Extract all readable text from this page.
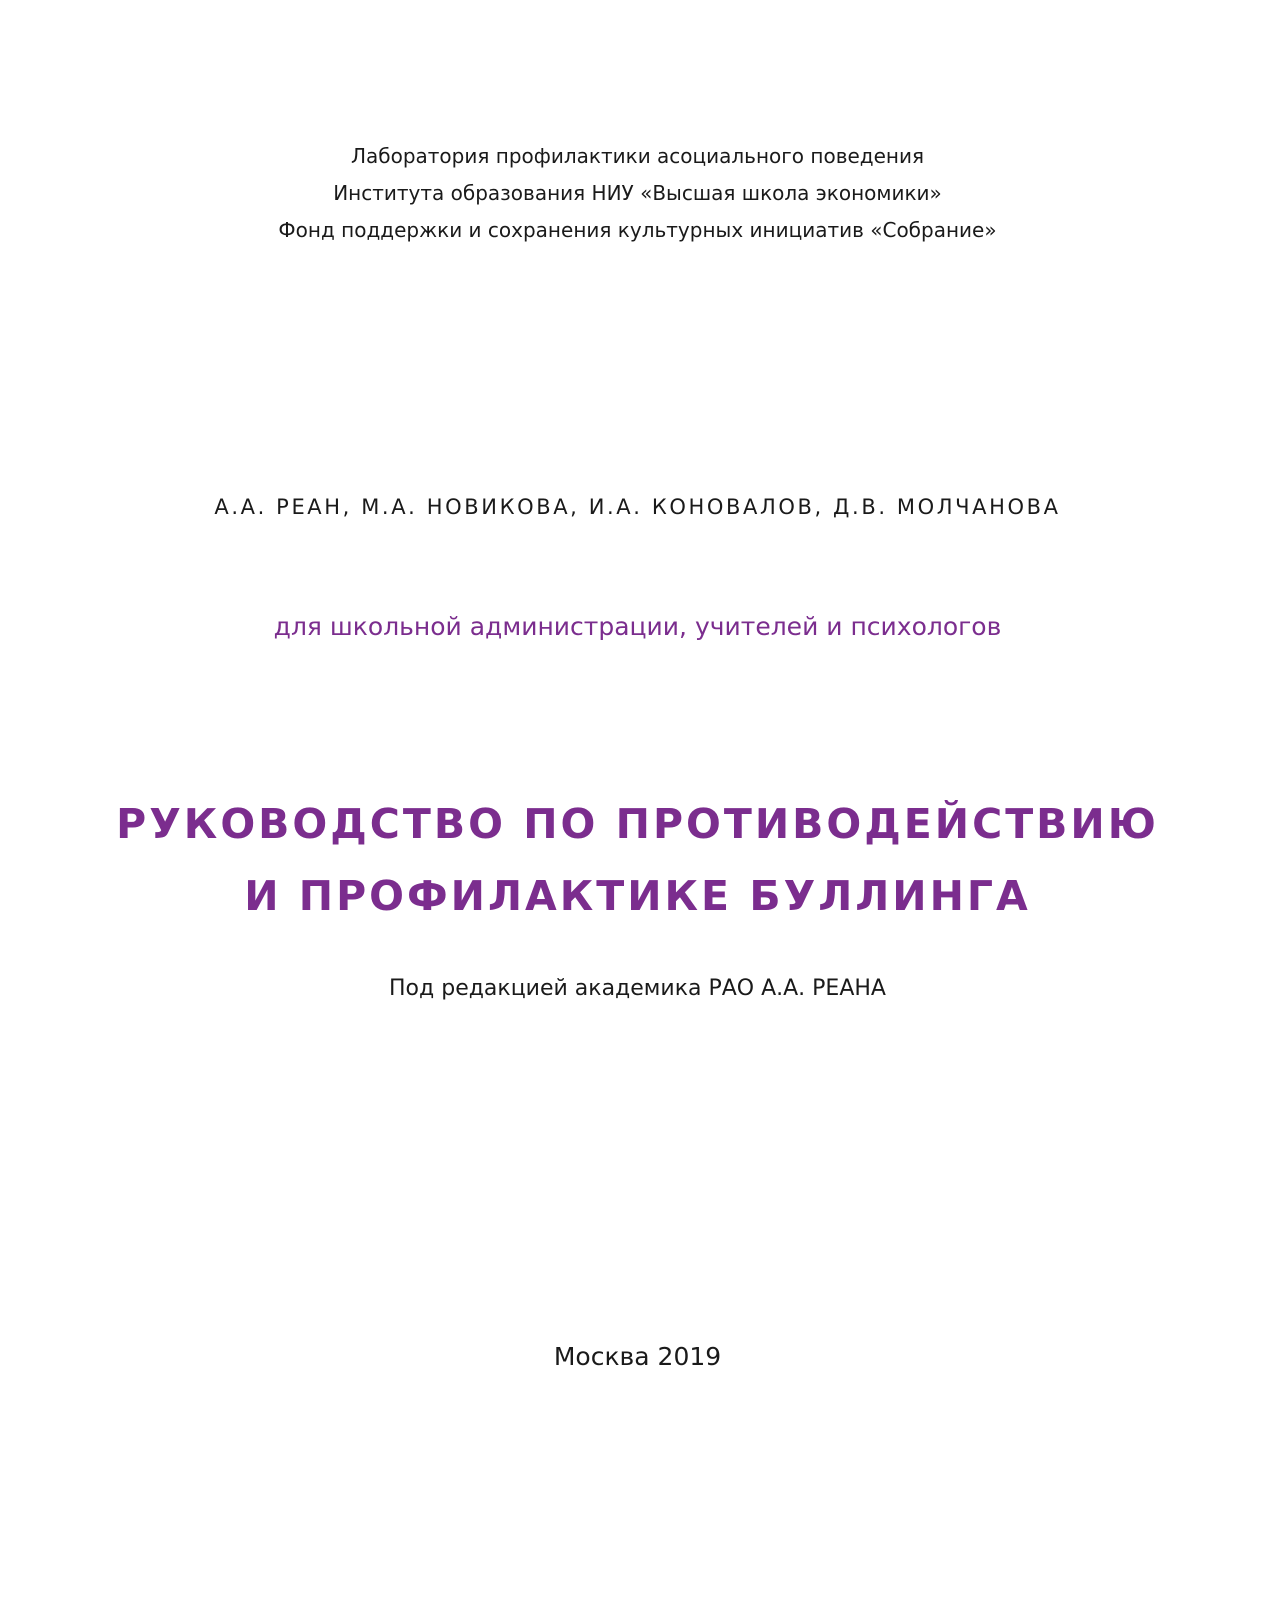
Лаборатория профилактики асоциального поведения
Института образования НИУ «Высшая школа экономики»
Фонд поддержки и сохранения культурных инициатив «Собрание»
А.А. РЕАН, М.А. НОВИКОВА, И.А. КОНОВАЛОВ, Д.В. МОЛЧАНОВА
для школьной администрации, учителей и психологов
РУКОВОДСТВО ПО ПРОТИВОДЕЙСТВИЮ
И ПРОФИЛАКТИКЕ БУЛЛИНГА
Под редакцией академика РАО А.А. РЕАНА
Москва 2019
